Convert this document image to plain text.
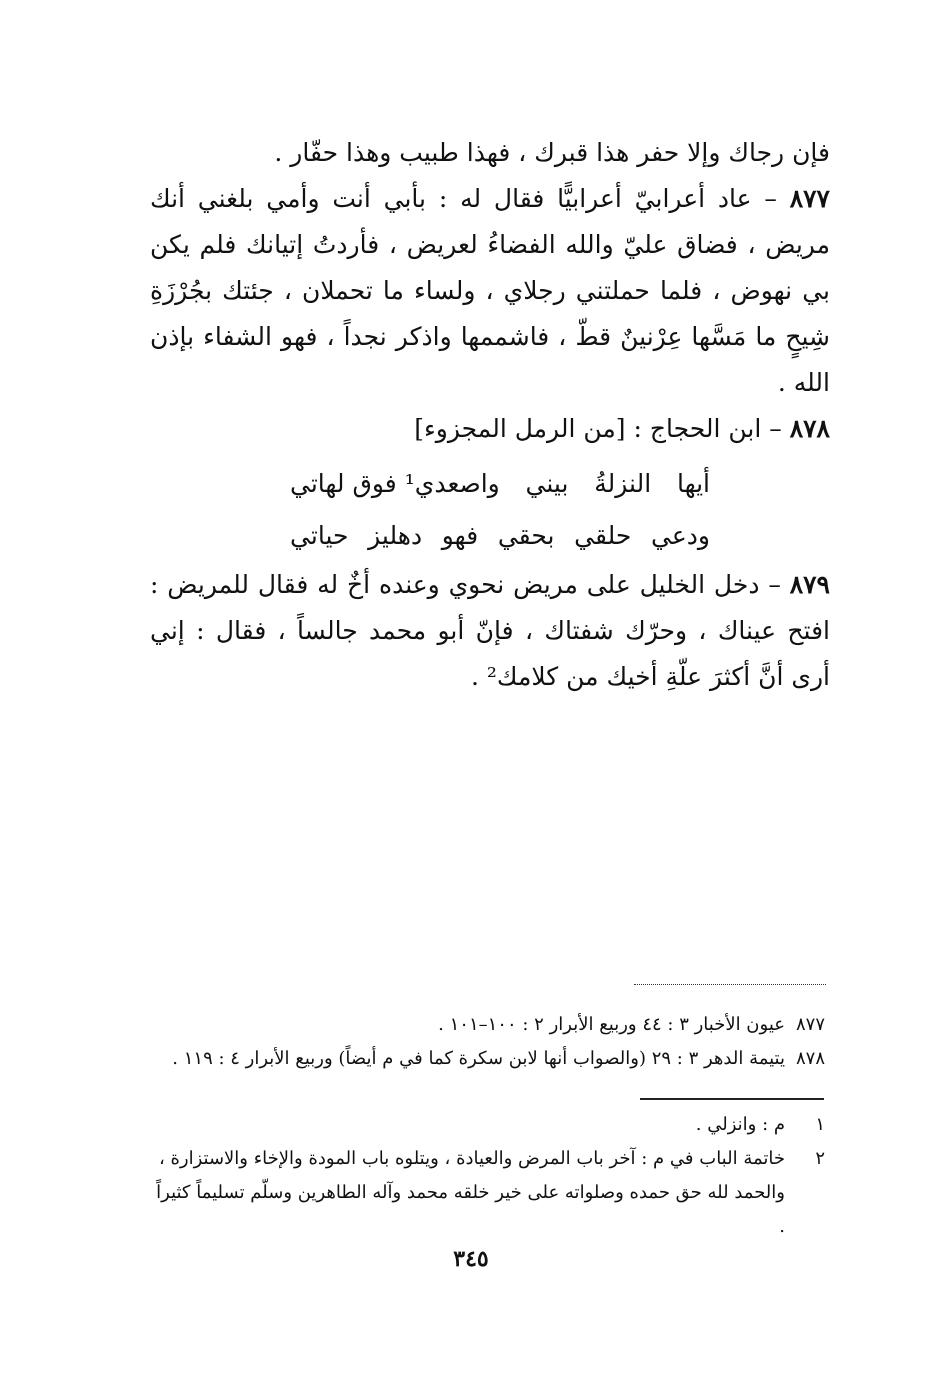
فإن رجاك وإلا حفر هذا قبرك ، فهذا طبيب وهذا حفّار .

٨٧٧ – عاد أعرابيّ أعرابيًّا فقال له : بأبي أنت وأمي بلغني أنك مريض ، فضاق عليّ والله الفضاءُ لعريض ، فأردتُ إتيانك فلم يكن بي نهوض ، فلما حملتني رجلاي ، ولساء ما تحملان ، جئتك بجُرْزَةِ شِيحٍ ما مَسَّها عِرْنينٌ قطّ ، فاشممها واذكر نجداً ، فهو الشفاء بإذن الله .

٨٧٨ – ابن الحجاج : [من الرمل المجزوء]

أيها
النزلةُ
بيني
واصعدي¹ فوق لهاتي
ودعي
حلقي
بحقي
فهو
دهليز
حياتي

٨٧٩ – دخل الخليل على مريض نحوي وعنده أخٌ له فقال للمريض : افتح عيناك ، وحرّك شفتاك ، فإنّ أبو محمد جالساً ، فقال : إني أرى أنَّ أكثرَ علّةِ أخيك من كلامك² .

٨٧٧
عيون الأخبار ٣ : ٤٤ وربيع الأبرار ٢ : ١٠٠–١٠١ .
٨٧٨
يتيمة الدهر ٣ : ٢٩ (والصواب أنها لابن سكرة كما في م أيضاً) وربيع الأبرار ٤ : ١١٩ .
١
م : وانزلي .
٢
خاتمة الباب في م : آخر باب المرض والعيادة ، ويتلوه باب المودة والإخاء والاستزارة ، والحمد لله حق حمده وصلواته على خير خلقه محمد وآله الطاهرين وسلّم تسليماً كثيراً .
٣٤٥
